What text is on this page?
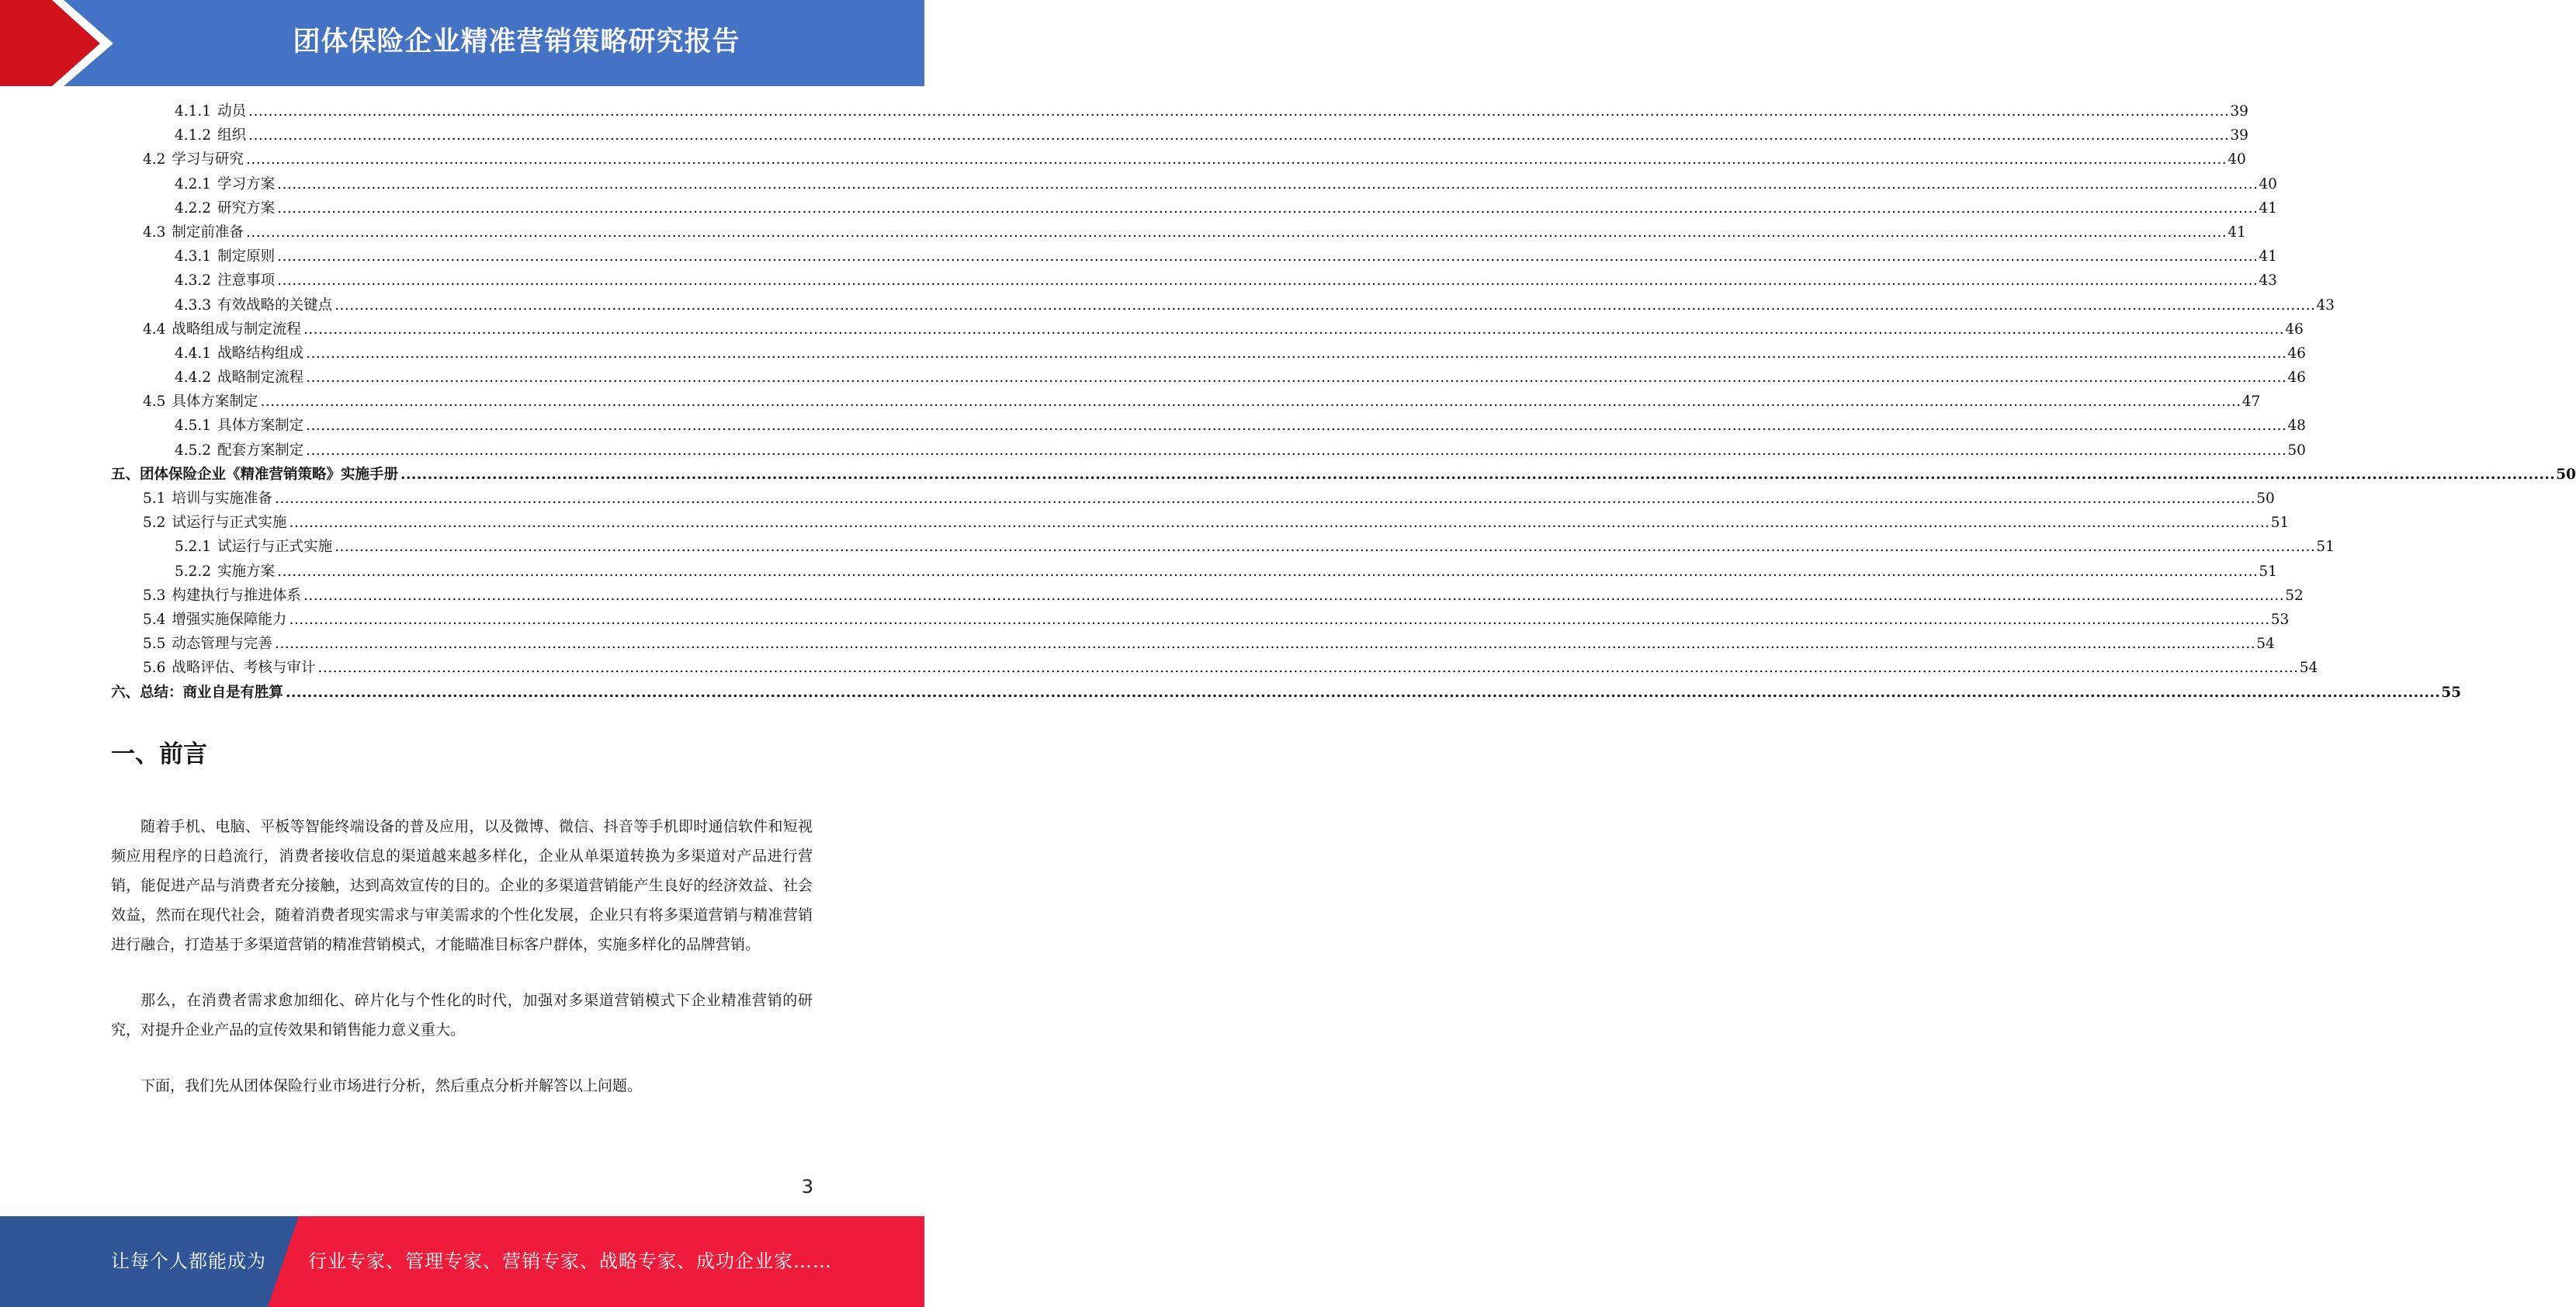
团体保险企业精准营销策略研究报告
4.1.1 动员 ................................................................................................................................................................................................................................................................................................................................................................................................................ 39
4.1.2 组织 ................................................................................................................................................................................................................................................................................................................................................................................................................ 39
4.2 学习与研究 ................................................................................................................................................................................................................................................................................................................................................................................................................ 40
4.2.1 学习方案 ................................................................................................................................................................................................................................................................................................................................................................................................................ 40
4.2.2 研究方案 ................................................................................................................................................................................................................................................................................................................................................................................................................ 41
4.3 制定前准备 ................................................................................................................................................................................................................................................................................................................................................................................................................ 41
4.3.1 制定原则 ................................................................................................................................................................................................................................................................................................................................................................................................................ 41
4.3.2 注意事项 ................................................................................................................................................................................................................................................................................................................................................................................................................ 43
4.3.3 有效战略的关键点 ................................................................................................................................................................................................................................................................................................................................................................................................................ 43
4.4 战略组成与制定流程 ................................................................................................................................................................................................................................................................................................................................................................................................................ 46
4.4.1 战略结构组成 ................................................................................................................................................................................................................................................................................................................................................................................................................ 46
4.4.2 战略制定流程 ................................................................................................................................................................................................................................................................................................................................................................................................................ 46
4.5 具体方案制定 ................................................................................................................................................................................................................................................................................................................................................................................................................ 47
4.5.1 具体方案制定 ................................................................................................................................................................................................................................................................................................................................................................................................................ 48
4.5.2 配套方案制定 ................................................................................................................................................................................................................................................................................................................................................................................................................ 50
五、团体保险企业《精准营销策略》实施手册 ................................................................................................................................................................................................................................................................................................................................................................................................................ 50
5.1 培训与实施准备 ................................................................................................................................................................................................................................................................................................................................................................................................................ 50
5.2 试运行与正式实施 ................................................................................................................................................................................................................................................................................................................................................................................................................ 51
5.2.1 试运行与正式实施 ................................................................................................................................................................................................................................................................................................................................................................................................................ 51
5.2.2 实施方案 ................................................................................................................................................................................................................................................................................................................................................................................................................ 51
5.3 构建执行与推进体系 ................................................................................................................................................................................................................................................................................................................................................................................................................ 52
5.4 增强实施保障能力 ................................................................................................................................................................................................................................................................................................................................................................................................................ 53
5.5 动态管理与完善 ................................................................................................................................................................................................................................................................................................................................................................................................................ 54
5.6 战略评估、考核与审计 ................................................................................................................................................................................................................................................................................................................................................................................................................ 54
六、总结：商业自是有胜算 ................................................................................................................................................................................................................................................................................................................................................................................................................ 55
一、前言

随着手机、电脑、平板等智能终端设备的普及应用，以及微博、微信、抖音等手机即时通信软件和短视频应用程序的日趋流行，消费者接收信息的渠道越来越多样化，企业从单渠道转换为多渠道对产品进行营销，能促进产品与消费者充分接触，达到高效宣传的目的。企业的多渠道营销能产生良好的经济效益、社会效益，然而在现代社会，随着消费者现实需求与审美需求的个性化发展，企业只有将多渠道营销与精准营销进行融合，打造基于多渠道营销的精准营销模式，才能瞄准目标客户群体，实施多样化的品牌营销。

那么，在消费者需求愈加细化、碎片化与个性化的时代，加强对多渠道营销模式下企业精准营销的研究，对提升企业产品的宣传效果和销售能力意义重大。

下面，我们先从团体保险行业市场进行分析，然后重点分析并解答以上问题。

3
让每个人都能成为 行业专家、管理专家、营销专家、战略专家、成功企业家……
